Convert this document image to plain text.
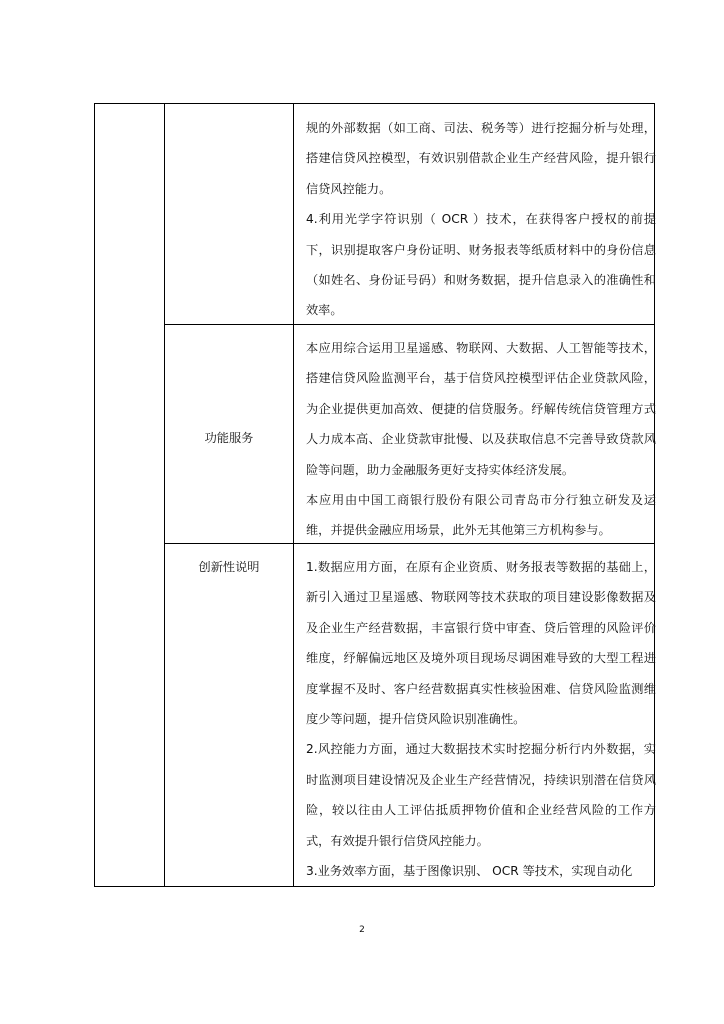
规的外部数据（如工商、司法、税务等）进行挖掘分析与处理，搭建信贷风控模型，有效识别借款企业生产经营风险，提升银行信贷风控能力。

4.利用光学字符识别（ OCR ）技术，在获得客户授权的前提下，识别提取客户身份证明、财务报表等纸质材料中的身份信息（如姓名、身份证号码）和财务数据，提升信息录入的准确性和效率。

功能服务

本应用综合运用卫星遥感、物联网、大数据、人工智能等技术，搭建信贷风险监测平台，基于信贷风控模型评估企业贷款风险，为企业提供更加高效、便捷的信贷服务。纾解传统信贷管理方式人力成本高、企业贷款审批慢、以及获取信息不完善导致贷款风险等问题，助力金融服务更好支持实体经济发展。

本应用由中国工商银行股份有限公司青岛市分行独立研发及运维，并提供金融应用场景，此外无其他第三方机构参与。

创新性说明	1.数据应用方面，在原有企业资质、财务报表等数据的基础上，新引入通过卫星遥感、物联网等技术获取的项目建设影像数据及及企业生产经营数据，丰富银行贷中审查、贷后管理的风险评价维度，纾解偏远地区及境外项目现场尽调困难导致的大型工程进度掌握不及时、客户经营数据真实性核验困难、信贷风险监测维度少等问题，提升信贷风险识别准确性。

2.风控能力方面，通过大数据技术实时挖掘分析行内外数据，实时监测项目建设情况及企业生产经营情况，持续识别潜在信贷风险，较以往由人工评估抵质押物价值和企业经营风险的工作方式，有效提升银行信贷风控能力。

3.业务效率方面，基于图像识别、 OCR 等技术，实现自动化

2
